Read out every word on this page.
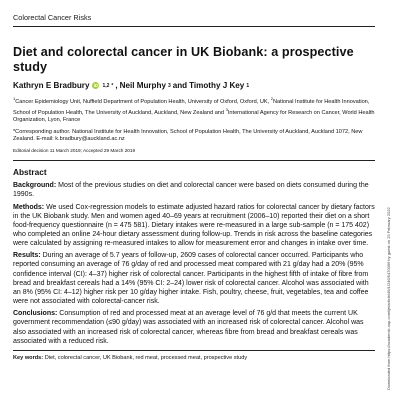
Colorectal Cancer Risks
Diet and colorectal cancer in UK Biobank: a prospective study
Kathryn E Bradbury iD 1,2 * , Neil Murphy 3 and Timothy J Key 1
$^1$Cancer Epidemiology Unit, Nuffield Department of Population Health, University of Oxford, Oxford, UK, $^2$National Institute for Health Innovation, School of Population Health, The University of Auckland, Auckland, New Zealand and $^3$International Agency for Research on Cancer, World Health Organization, Lyon, France
*Corresponding author. National Institute for Health Innovation, School of Population Health, The University of Auckland, Auckland 1072, New Zealand. E-mail: k.bradbury@auckland.ac.nz
Editorial decision 11 March 2019; Accepted 29 March 2019
Abstract

Background: Most of the previous studies on diet and colorectal cancer were based on diets consumed during the 1990s.

Methods: We used Cox-regression models to estimate adjusted hazard ratios for colorectal cancer by dietary factors in the UK Biobank study. Men and women aged 40–69 years at recruitment (2006–10) reported their diet on a short food-frequency questionnaire (n = 475 581). Dietary intakes were re-measured in a large sub-sample (n = 175 402) who completed an online 24-hour dietary assessment during follow-up. Trends in risk across the baseline categories were calculated by assigning re-measured intakes to allow for measurement error and changes in intake over time.

Results: During an average of 5.7 years of follow-up, 2609 cases of colorectal cancer occurred. Participants who reported consuming an average of 76 g/day of red and processed meat compared with 21 g/day had a 20% (95% confidence interval (CI): 4–37) higher risk of colorectal cancer. Participants in the highest fifth of intake of fibre from bread and breakfast cereals had a 14% (95% CI: 2–24) lower risk of colorectal cancer. Alcohol was associated with an 8% (95% CI: 4–12) higher risk per 10 g/day higher intake. Fish, poultry, cheese, fruit, vegetables, tea and coffee were not associated with colorectal-cancer risk.

Conclusions: Consumption of red and processed meat at an average level of 76 g/d that meets the current UK government recommendation (≤90 g/day) was associated with an increased risk of colorectal cancer. Alcohol was also associated with an increased risk of colorectal cancer, whereas fibre from bread and breakfast cereals was associated with a reduced risk.

Key words: Diet, colorectal cancer, UK Biobank, red meat, processed meat, prospective study	Downloaded from https://academic.oup.com/ije/article/49/1/246/5470096 by guest on 23 February 2022
